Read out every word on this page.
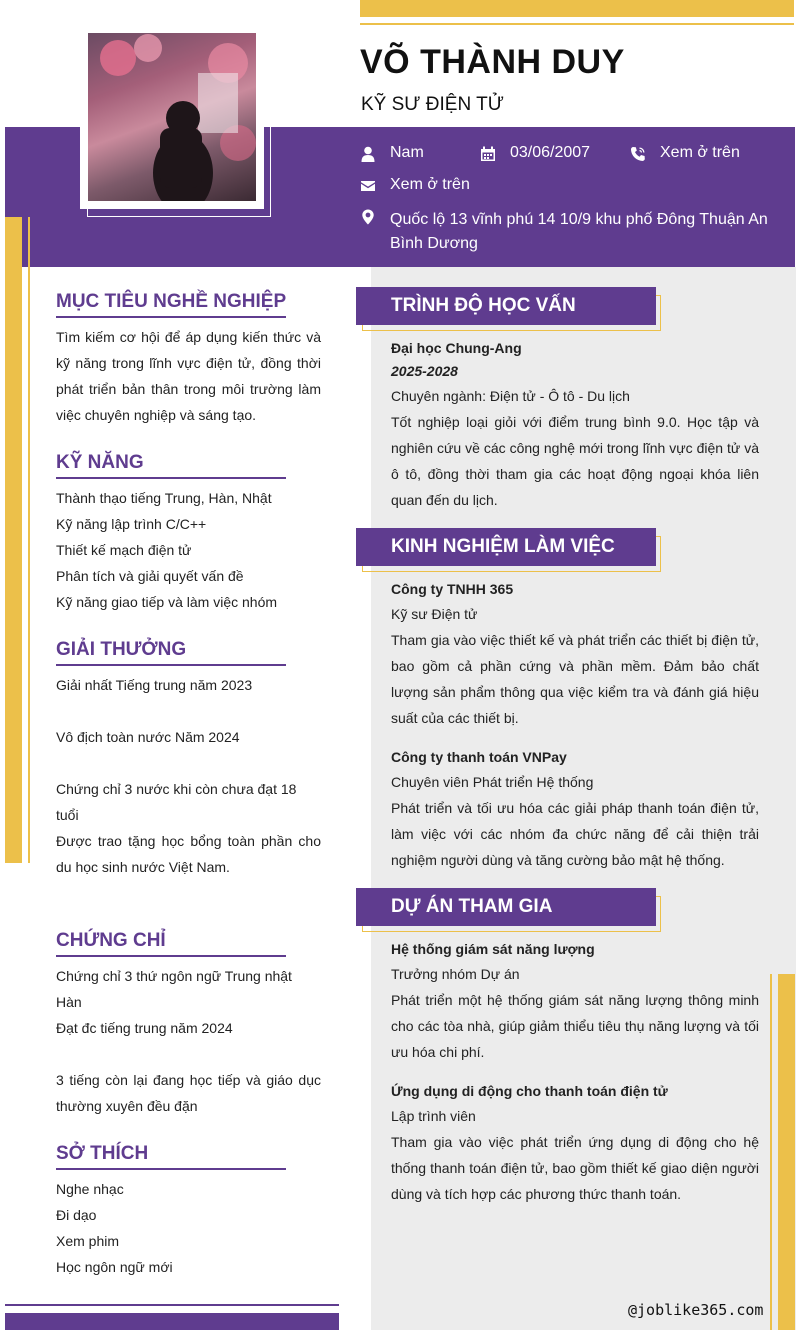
VÕ THÀNH DUY
KỸ SƯ ĐIỆN TỬ
Nam	03/06/2007	Xem ở trên
Xem ở trên
Quốc lộ 13 vĩnh phú 14 10/9 khu phố Đông Thuận An Bình Dương
MỤC TIÊU NGHỀ NGHIỆP
Tìm kiếm cơ hội để áp dụng kiến thức và kỹ năng trong lĩnh vực điện tử, đồng thời phát triển bản thân trong môi trường làm việc chuyên nghiệp và sáng tạo.
KỸ NĂNG
Thành thạo tiếng Trung, Hàn, Nhật
Kỹ năng lập trình C/C++
Thiết kế mạch điện tử
Phân tích và giải quyết vấn đề
Kỹ năng giao tiếp và làm việc nhóm
GIẢI THƯỞNG
Giải nhất Tiếng trung năm 2023
Vô địch toàn nước Năm 2024
Chứng chỉ 3 nước khi còn chưa đạt 18 tuổi
Được trao tặng học bổng toàn phần cho du học sinh nước Việt Nam.
CHỨNG CHỈ
Chứng chỉ 3 thứ ngôn ngữ Trung nhật Hàn
Đạt đc tiếng trung năm 2024
3 tiếng còn lại đang học tiếp và giáo dục thường xuyên đều đặn
SỞ THÍCH
Nghe nhạc
Đi dạo
Xem phim
Học ngôn ngữ mới
TRÌNH ĐỘ HỌC VẤN
Đại học Chung-Ang
2025-2028
Chuyên ngành: Điện tử - Ô tô - Du lịch
Tốt nghiệp loại giỏi với điểm trung bình 9.0. Học tập và nghiên cứu về các công nghệ mới trong lĩnh vực điện tử và ô tô, đồng thời tham gia các hoạt động ngoại khóa liên quan đến du lịch.
KINH NGHIỆM LÀM VIỆC
Công ty TNHH 365
Kỹ sư Điện tử
Tham gia vào việc thiết kế và phát triển các thiết bị điện tử, bao gồm cả phần cứng và phần mềm. Đảm bảo chất lượng sản phẩm thông qua việc kiểm tra và đánh giá hiệu suất của các thiết bị.
Công ty thanh toán VNPay
Chuyên viên Phát triển Hệ thống
Phát triển và tối ưu hóa các giải pháp thanh toán điện tử, làm việc với các nhóm đa chức năng để cải thiện trải nghiệm người dùng và tăng cường bảo mật hệ thống.
DỰ ÁN THAM GIA
Hệ thống giám sát năng lượng
Trưởng nhóm Dự án
Phát triển một hệ thống giám sát năng lượng thông minh cho các tòa nhà, giúp giảm thiểu tiêu thụ năng lượng và tối ưu hóa chi phí.
Ứng dụng di động cho thanh toán điện tử
Lập trình viên
Tham gia vào việc phát triển ứng dụng di động cho hệ thống thanh toán điện tử, bao gồm thiết kế giao diện người dùng và tích hợp các phương thức thanh toán.
@joblike365.com
